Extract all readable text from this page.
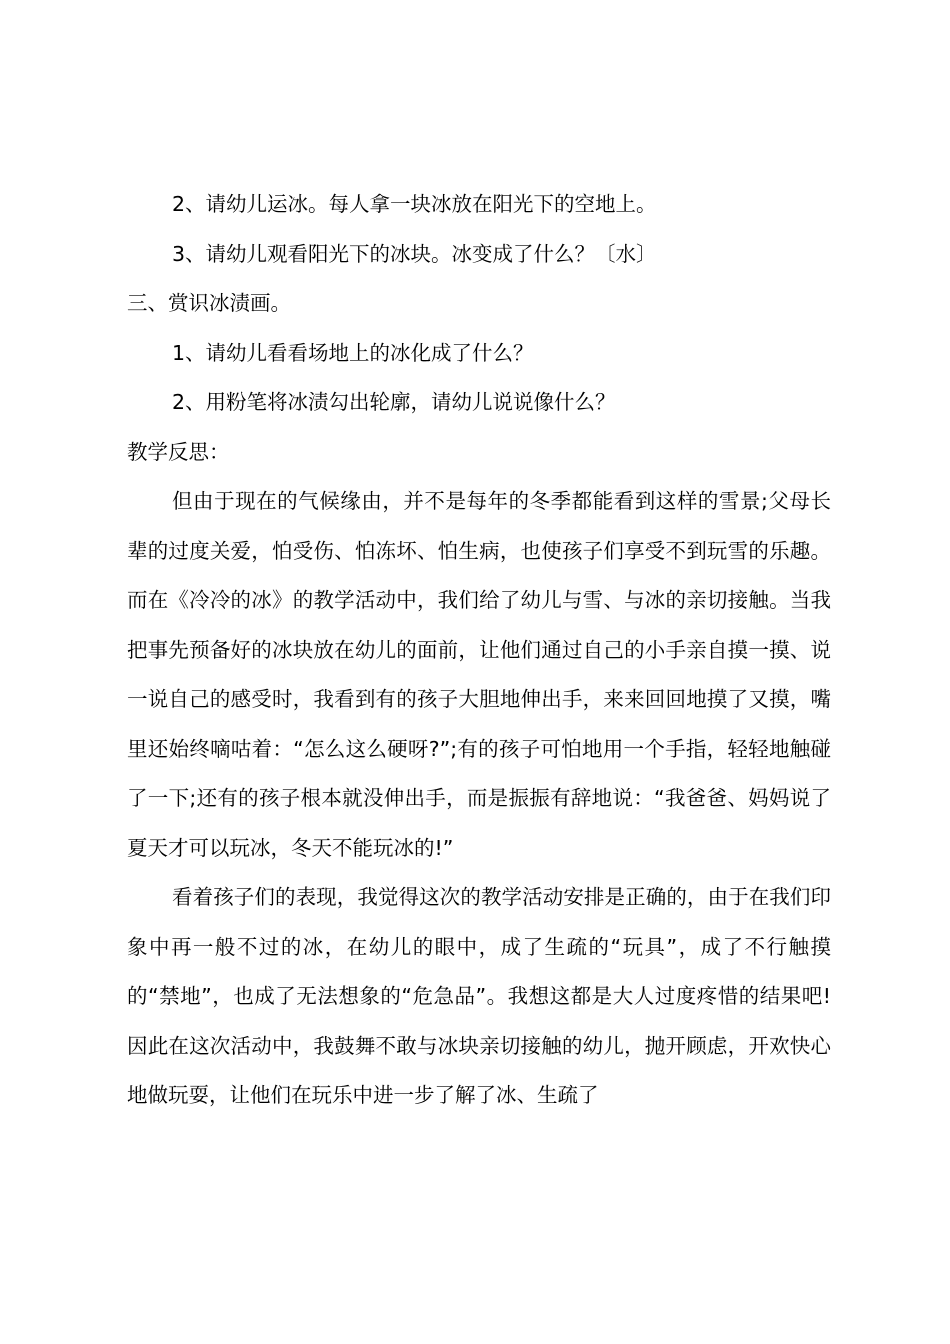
2、请幼儿运冰。每人拿一块冰放在阳光下的空地上。
3、请幼儿观看阳光下的冰块。冰变成了什么？〔水〕
三、赏识冰渍画。
1、请幼儿看看场地上的冰化成了什么？
2、用粉笔将冰渍勾出轮廓，请幼儿说说像什么？
教学反思：

但由于现在的气候缘由，并不是每年的冬季都能看到这样的雪景;父母长辈的过度关爱，怕受伤、怕冻坏、怕生病，也使孩子们享受不到玩雪的乐趣。而在《冷冷的冰》的教学活动中，我们给了幼儿与雪、与冰的亲切接触。当我把事先预备好的冰块放在幼儿的面前，让他们通过自己的小手亲自摸一摸、说一说自己的感受时，我看到有的孩子大胆地伸出手，来来回回地摸了又摸，嘴里还始终嘀咕着：“怎么这么硬呀?”;有的孩子可怕地用一个手指，轻轻地触碰了一下;还有的孩子根本就没伸出手，而是振振有辞地说：“我爸爸、妈妈说了夏天才可以玩冰，冬天不能玩冰的!”

看着孩子们的表现，我觉得这次的教学活动安排是正确的，由于在我们印象中再一般不过的冰，在幼儿的眼中，成了生疏的“玩具”，成了不行触摸的“禁地”，也成了无法想象的“危急品”。我想这都是大人过度疼惜的结果吧!因此在这次活动中，我鼓舞不敢与冰块亲切接触的幼儿，抛开顾虑，开欢快心地做玩耍，让他们在玩乐中进一步了解了冰、生疏了
